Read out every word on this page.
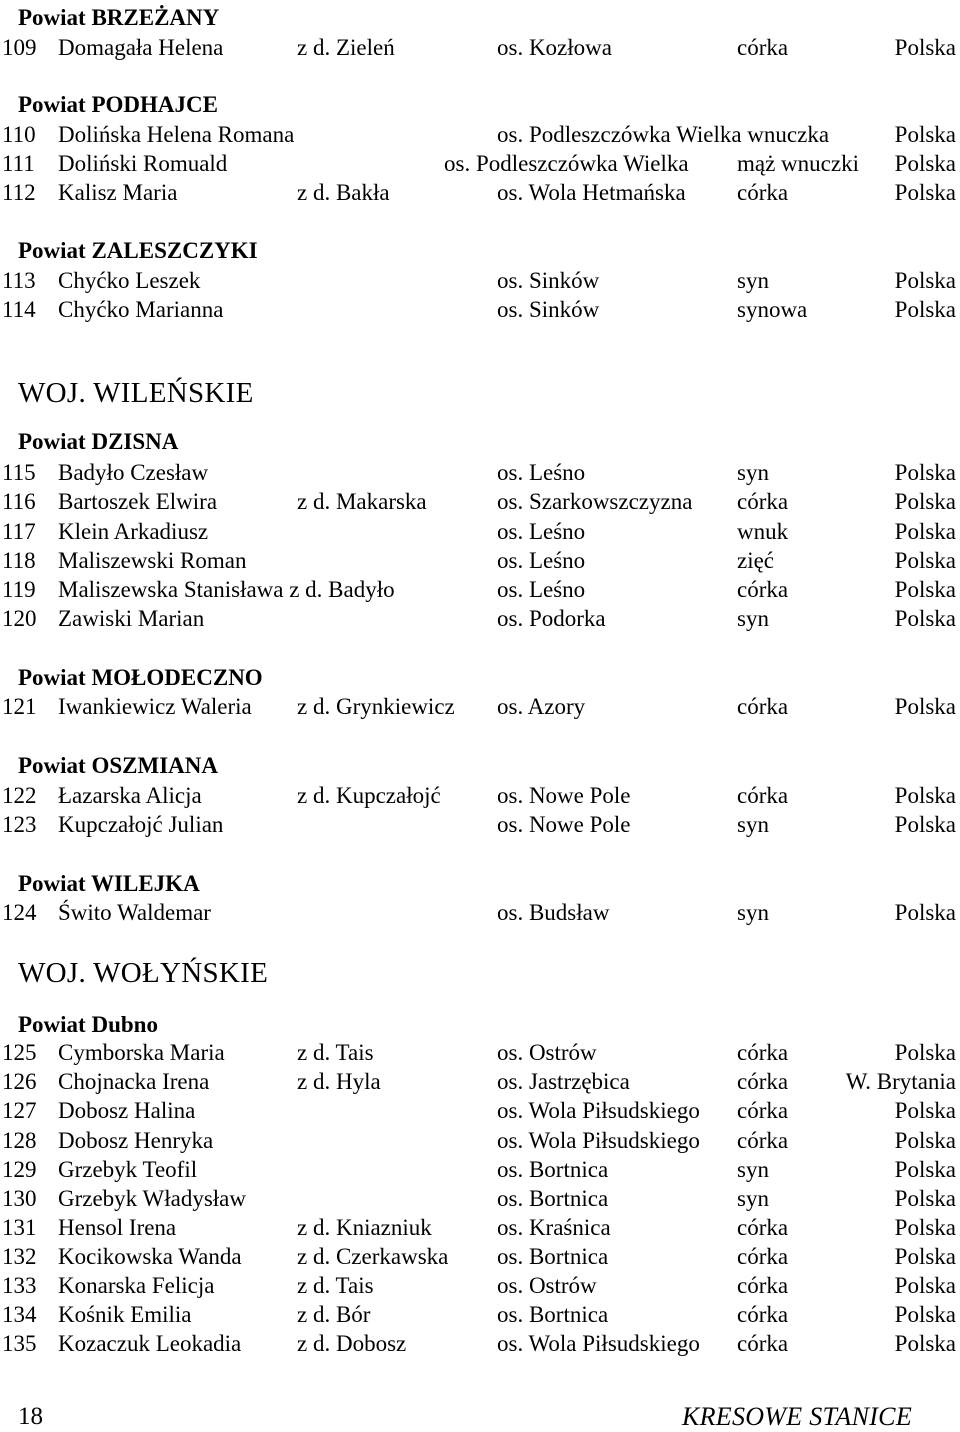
Powiat BRZEŻANY
109 Domagała Helena	z d. Zieleń	os. Kozłowa	córka	Polska
Powiat PODHAJCE
110 Dolińska Helena Romana	os. Podleszczówka Wielka wnuczka	Polska
111 Doliński Romuald	os. Podleszczówka Wielka mąż wnuczki Polska
112 Kalisz Maria	z d. Bakła	os. Wola Hetmańska córka	Polska
Powiat ZALESZCZYKI
113 Chyćko Leszek	os. Sinków	syn	Polska
114 Chyćko Marianna	os. Sinków	synowa	Polska
WOJ. WILEŃSKIE
Powiat DZISNA
115 Badyło Czesław	os. Leśno	syn	Polska
116 Bartoszek Elwira	z d. Makarska	os. Szarkowszczyzna córka	Polska
117 Klein Arkadiusz	os. Leśno	wnuk	Polska
118 Maliszewski Roman	os. Leśno	zięć	Polska
119 Maliszewska Stanisława z d. Badyło	os. Leśno	córka	Polska
120 Zawiski Marian	os. Podorka	syn	Polska
Powiat MOŁODECZNO
121 Iwankiewicz Waleria z d. Grynkiewicz os. Azory	córka	Polska
Powiat OSZMIANA
122 Łazarska Alicja	z d. Kupczałojć os. Nowe Pole	córka	Polska
123 Kupczałojć Julian	os. Nowe Pole	syn	Polska
Powiat WILEJKA
124 Świto Waldemar	os. Budsław	syn	Polska
WOJ. WOŁYŃSKIE
Powiat Dubno
125 Cymborska Maria	z d. Tais	os. Ostrów	córka	Polska
126 Chojnacka Irena	z d. Hyla	os. Jastrzębica	córka	W. Brytania
127 Dobosz Halina	os. Wola Piłsudskiego córka	Polska
128 Dobosz Henryka	os. Wola Piłsudskiego córka	Polska
129 Grzebyk Teofil	os. Bortnica	syn	Polska
130 Grzebyk Władysław	os. Bortnica	syn	Polska
131 Hensol Irena	z d. Kniazniuk	os. Kraśnica	córka	Polska
132 Kocikowska Wanda z d. Czerkawska os. Bortnica	córka	Polska
133 Konarska Felicja	z d. Tais	os. Ostrów	córka	Polska
134 Kośnik Emilia	z d. Bór	os. Bortnica	córka	Polska
135 Kozaczuk Leokadia z d. Dobosz	os. Wola Piłsudskiego córka	Polska
18	KRESOWE STANICE
